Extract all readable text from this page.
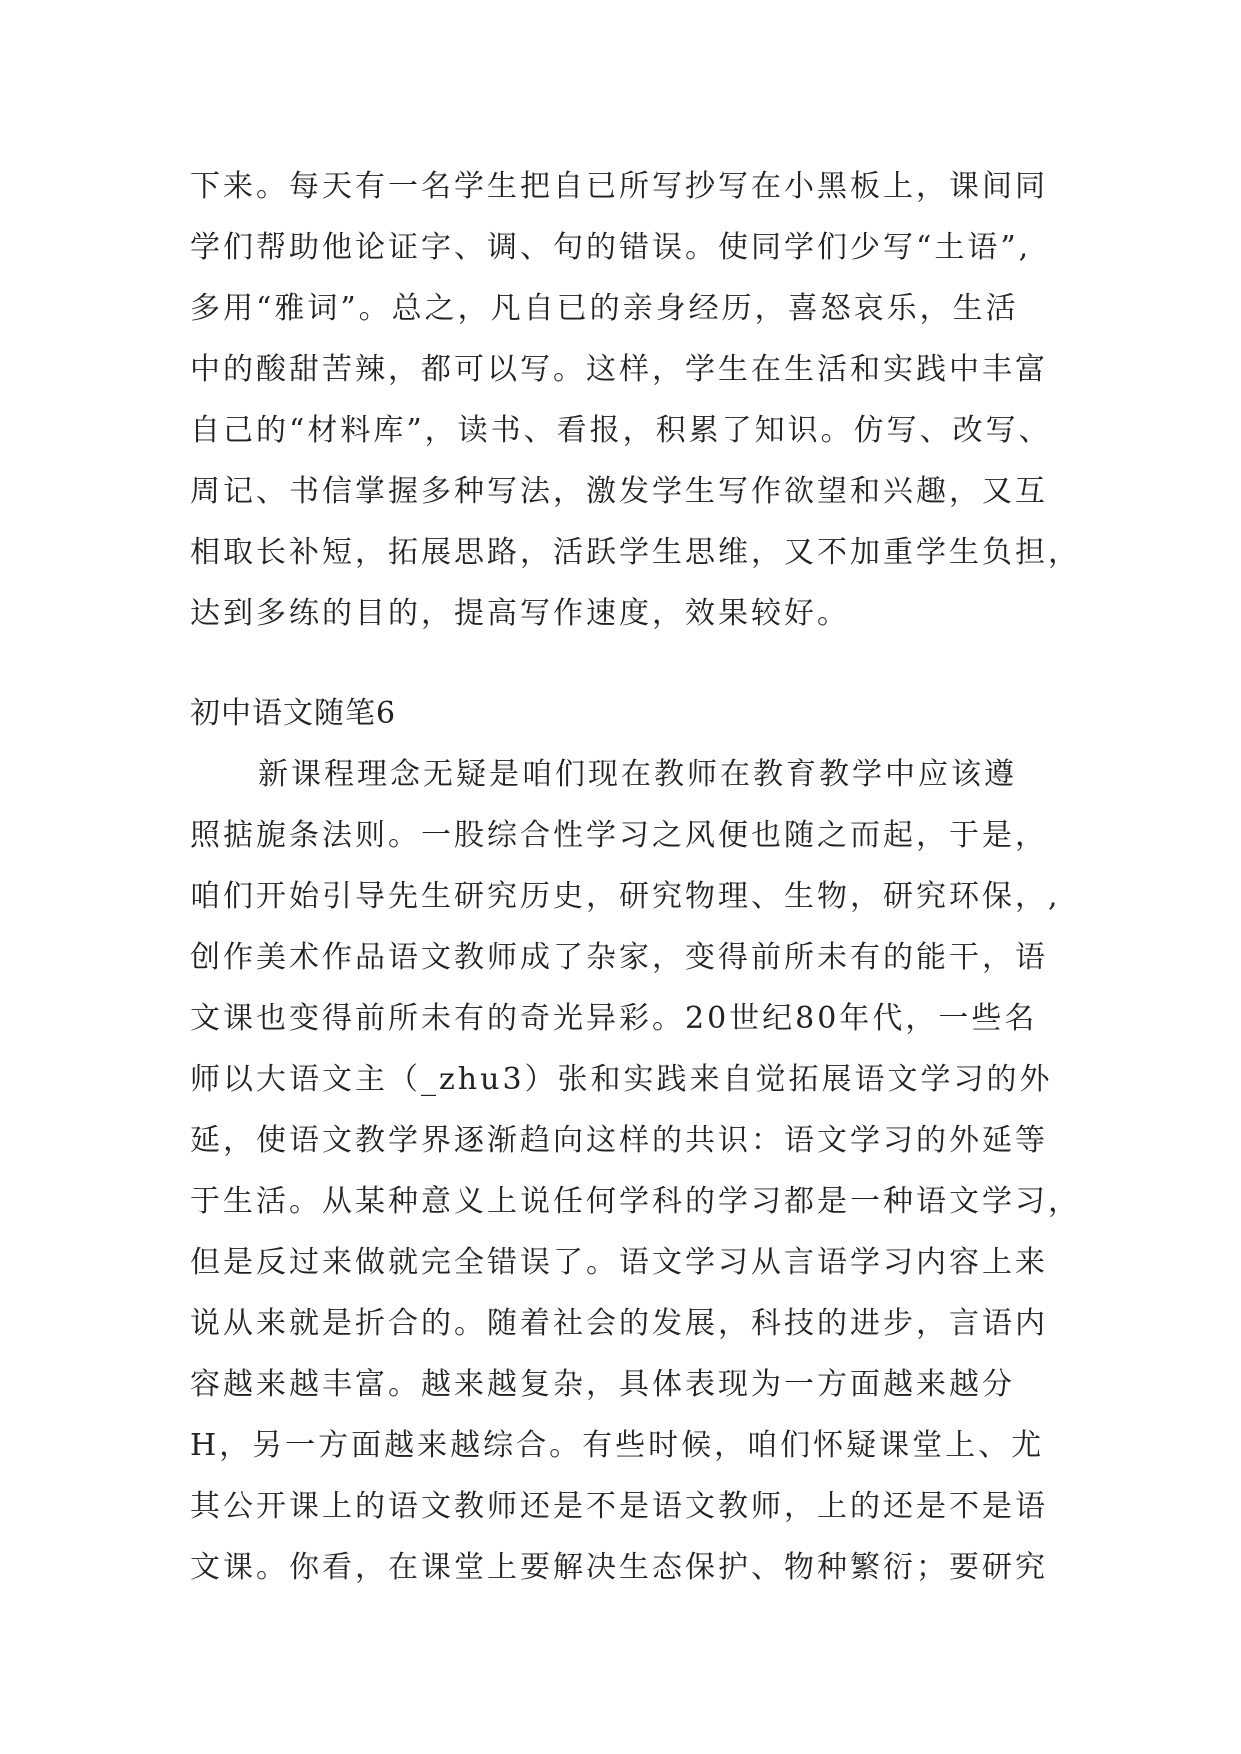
下来。每天有一名学生把自已所写抄写在小黑板上，课间同
学们帮助他论证字、调、句的错误。使同学们少写“土语”,
多用“雅词”。总之，凡自已的亲身经历，喜怒哀乐，生活
中的酸甜苦辣，都可以写。这样，学生在生活和实践中丰富
自己的“材料库”，读书、看报，积累了知识。仿写、改写、
周记、书信掌握多种写法，激发学生写作欲望和兴趣，又互
相取长补短，拓展思路，活跃学生思维，又不加重学生负担，
达到多练的目的，提高写作速度，效果较好。
初中语文随笔6
新课程理念无疑是咱们现在教师在教育教学中应该遵
照掂旎条法则。一股综合性学习之风便也随之而起，于是，
咱们开始引导先生研究历史，研究物理、生物，研究环保，,
创作美术作品语文教师成了杂家，变得前所未有的能干，语
文课也变得前所未有的奇光异彩。20世纪80年代，一些名
师以大语文主（_zhu3）张和实践来自觉拓展语文学习的外
延，使语文教学界逐渐趋向这样的共识：语文学习的外延等
于生活。从某种意义上说任何学科的学习都是一种语文学习，
但是反过来做就完全错误了。语文学习从言语学习内容上来
说从来就是折合的。随着社会的发展，科技的进步，言语内
容越来越丰富。越来越复杂，具体表现为一方面越来越分
H，另一方面越来越综合。有些时候，咱们怀疑课堂上、尤
其公开课上的语文教师还是不是语文教师，上的还是不是语
文课。你看，在课堂上要解决生态保护、物种繁衍；要研究
